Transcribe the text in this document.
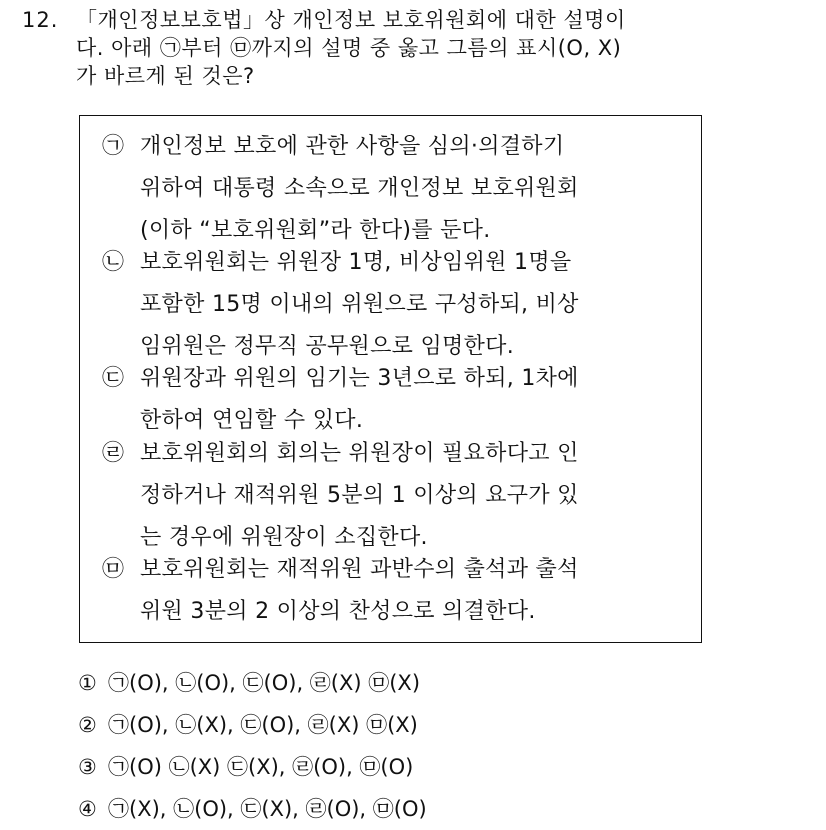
12. 「개인정보보호법」상 개인정보 보호위원회에 대한 설명이
다. 아래 ㉠부터 ㉤까지의 설명 중 옳고 그름의 표시(O, X)
가 바르게 된 것은?
㉠ 개인정보 보호에 관한 사항을 심의·의결하기
위하여 대통령 소속으로 개인정보 보호위원회
(이하 “보호위원회”라 한다)를 둔다.
㉡ 보호위원회는 위원장 1명, 비상임위원 1명을
포함한 15명 이내의 위원으로 구성하되, 비상
임위원은 정무직 공무원으로 임명한다.
㉢ 위원장과 위원의 임기는 3년으로 하되, 1차에
한하여 연임할 수 있다.
㉣ 보호위원회의 회의는 위원장이 필요하다고 인
정하거나 재적위원 5분의 1 이상의 요구가 있
는 경우에 위원장이 소집한다.
㉤ 보호위원회는 재적위원 과반수의 출석과 출석
위원 3분의 2 이상의 찬성으로 의결한다.
① ㉠(O), ㉡(O), ㉢(O), ㉣(X) ㉤(X)
② ㉠(O), ㉡(X), ㉢(O), ㉣(X) ㉤(X)
③ ㉠(O) ㉡(X) ㉢(X), ㉣(O), ㉤(O)
④ ㉠(X), ㉡(O), ㉢(X), ㉣(O), ㉤(O)
